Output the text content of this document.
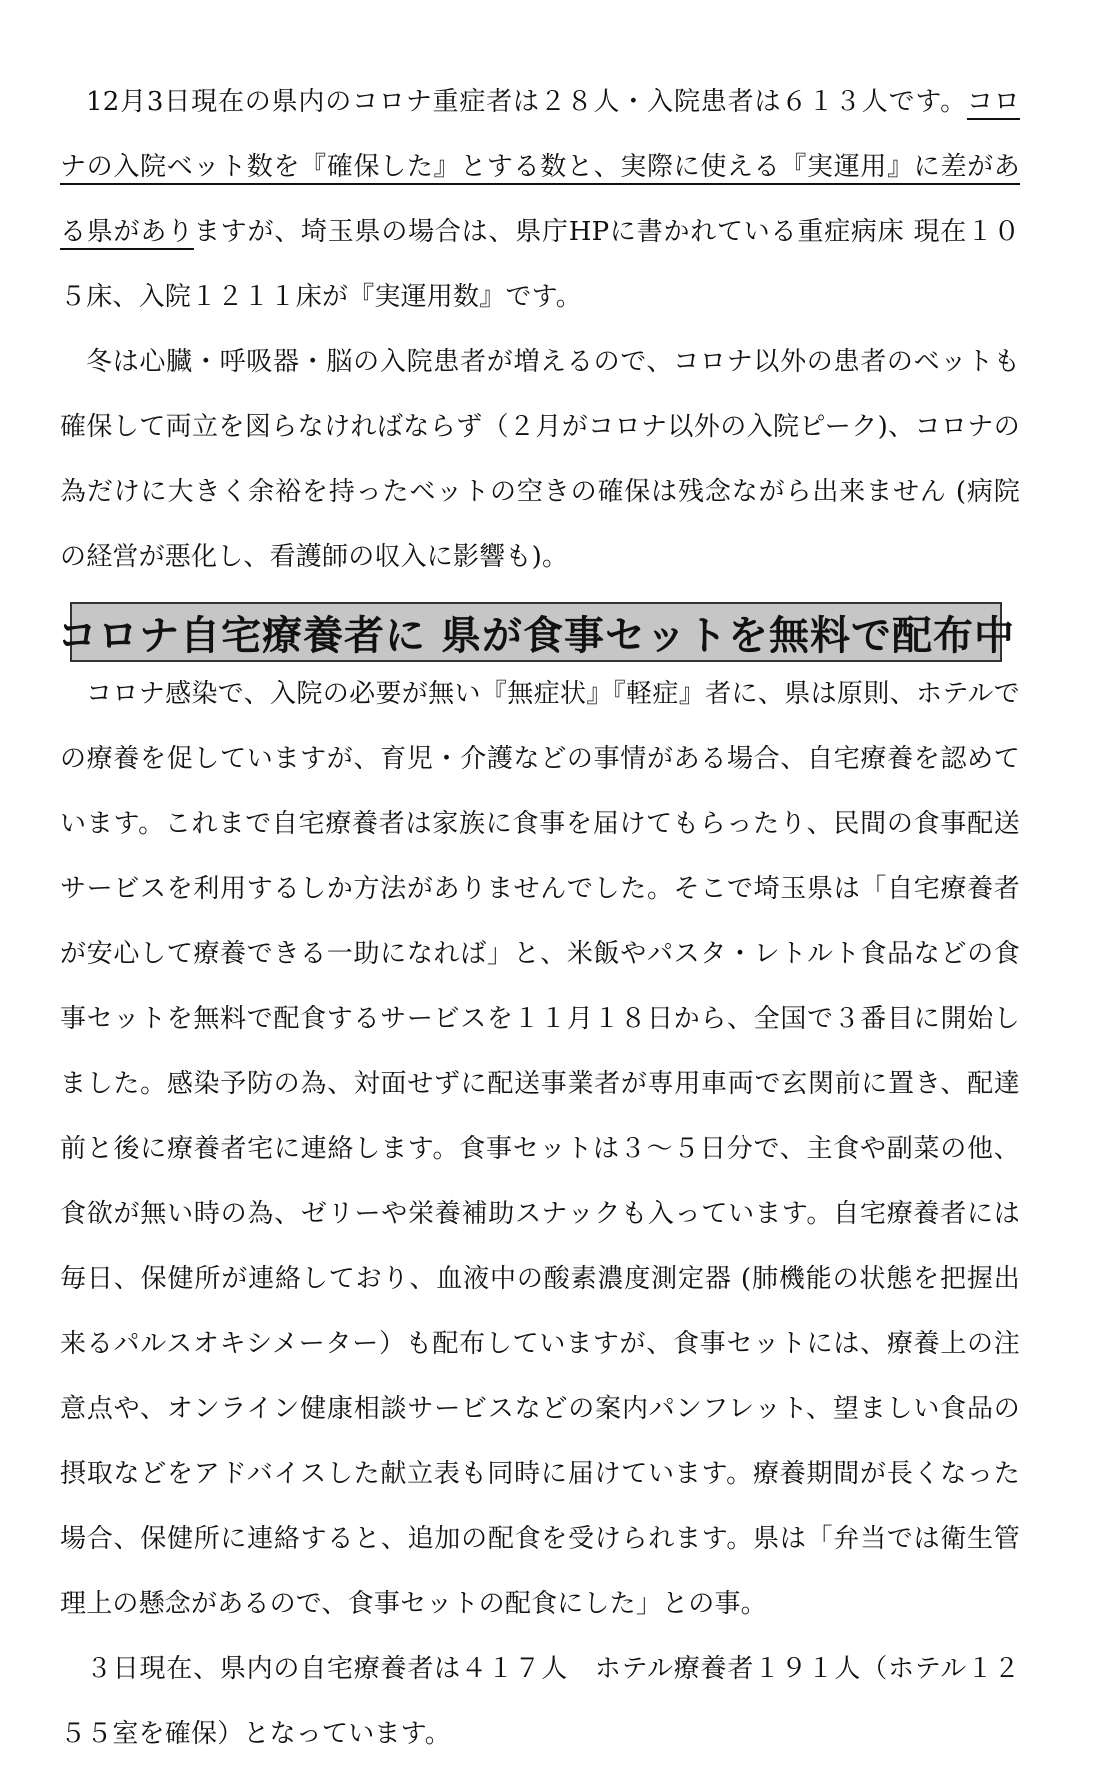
12月3日現在の県内のコロナ重症者は２８人・入院患者は６１３人です。コロナの入院ベット数を『確保した』とする数と、実際に使える『実運用』に差がある県がありますが、埼玉県の場合は、県庁HPに書かれている重症病床 現在１０５床、入院１２１１床が『実運用数』です。

冬は心臓・呼吸器・脳の入院患者が増えるので、コロナ以外の患者のベットも確保して両立を図らなければならず（２月がコロナ以外の入院ピーク)、コロナの為だけに大きく余裕を持ったベットの空きの確保は残念ながら出来ません (病院の経営が悪化し、看護師の収入に影響も)。

コロナ自宅療養者に 県が食事セットを無料で配布中

コロナ感染で、入院の必要が無い『無症状』『軽症』者に、県は原則、ホテルでの療養を促していますが、育児・介護などの事情がある場合、自宅療養を認めています。これまで自宅療養者は家族に食事を届けてもらったり、民間の食事配送サービスを利用するしか方法がありませんでした。そこで埼玉県は「自宅療養者が安心して療養できる一助になれば」と、米飯やパスタ・レトルト食品などの食事セットを無料で配食するサービスを１１月１８日から、全国で３番目に開始しました。感染予防の為、対面せずに配送事業者が専用車両で玄関前に置き、配達前と後に療養者宅に連絡します。食事セットは３～５日分で、主食や副菜の他、食欲が無い時の為、ゼリーや栄養補助スナックも入っています。自宅療養者には毎日、保健所が連絡しており、血液中の酸素濃度測定器 (肺機能の状態を把握出来るパルスオキシメーター）も配布していますが、食事セットには、療養上の注意点や、オンライン健康相談サービスなどの案内パンフレット、望ましい食品の摂取などをアドバイスした献立表も同時に届けています。療養期間が長くなった場合、保健所に連絡すると、追加の配食を受けられます。県は「弁当では衛生管理上の懸念があるので、食事セットの配食にした」との事。

３日現在、県内の自宅療養者は４１７人　ホテル療養者１９１人（ホテル１２５５室を確保）となっています。
